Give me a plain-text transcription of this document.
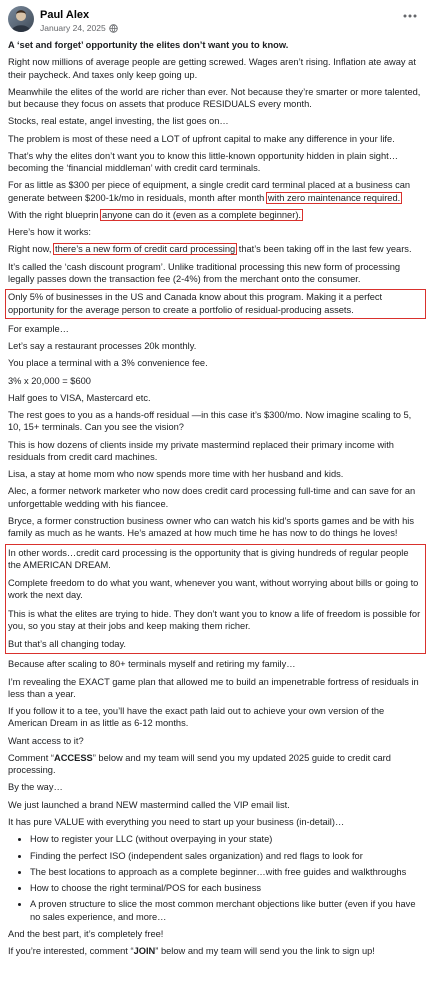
Paul Alex
January 24, 2025

A ‘set and forget’ opportunity the elites don’t want you to know.

Right now millions of average people are getting screwed. Wages aren’t rising. Inflation ate away at their paycheck. And taxes only keep going up.

Meanwhile the elites of the world are richer than ever. Not because they’re smarter or more talented, but because they focus on assets that produce RESIDUALS every month.

Stocks, real estate, angel investing, the list goes on…

The problem is most of these need a LOT of upfront capital to make any difference in your life.

That’s why the elites don’t want you to know this little-known opportunity hidden in plain sight…becoming the ‘financial middleman’ with credit card terminals.

For as little as $300 per piece of equipment, a single credit card terminal placed at a business can generate between $200-1k/mo in residuals, month after month with zero maintenance required.

With the right blueprin anyone can do it (even as a complete beginner).

Here’s how it works:

Right now, there’s a new form of credit card processing that’s been taking off in the last few years.

It’s called the ‘cash discount program’. Unlike traditional processing this new form of processing legally passes down the transaction fee (2-4%) from the merchant onto the consumer.

Only 5% of businesses in the US and Canada know about this program. Making it a perfect opportunity for the average person to create a portfolio of residual-producing assets.

For example…

Let’s say a restaurant processes 20k monthly.

You place a terminal with a 3% convenience fee.

3% x 20,000 = $600

Half goes to VISA, Mastercard etc.

The rest goes to you as a hands-off residual —in this case it’s $300/mo. Now imagine scaling to 5, 10, 15+ terminals. Can you see the vision?

This is how dozens of clients inside my private mastermind replaced their primary income with residuals from credit card machines.

Lisa, a stay at home mom who now spends more time with her husband and kids.

Alec, a former network marketer who now does credit card processing full-time and can save for an unforgettable wedding with his fiancee.

Bryce, a former construction business owner who can watch his kid’s sports games and be with his family as much as he wants. He’s amazed at how much time he has now to do things he loves!

In other words…credit card processing is the opportunity that is giving hundreds of regular people the AMERICAN DREAM.

Complete freedom to do what you want, whenever you want, without worrying about bills or going to work the next day.

This is what the elites are trying to hide. They don’t want you to know a life of freedom is possible for you, so you stay at their jobs and keep making them richer.

But that’s all changing today.

Because after scaling to 80+ terminals myself and retiring my family…

I’m revealing the EXACT game plan that allowed me to build an impenetrable fortress of residuals in less than a year.

If you follow it to a tee, you’ll have the exact path laid out to achieve your own version of the American Dream in as little as 6-12 months.

Want access to it?

Comment “ACCESS” below and my team will send you my updated 2025 guide to credit card processing.

By the way…

We just launched a brand NEW mastermind called the VIP email list.

It has pure VALUE with everything you need to start up your business (in-detail)…

• How to register your LLC (without overpaying in your state)
• Finding the perfect ISO (independent sales organization) and red flags to look for
• The best locations to approach as a complete beginner…with free guides and walkthroughs
• How to choose the right terminal/POS for each business
• A proven structure to slice the most common merchant objections like butter (even if you have no sales experience, and more…

And the best part, it’s completely free!

If you’re interested, comment “JOIN” below and my team will send you the link to sign up!
